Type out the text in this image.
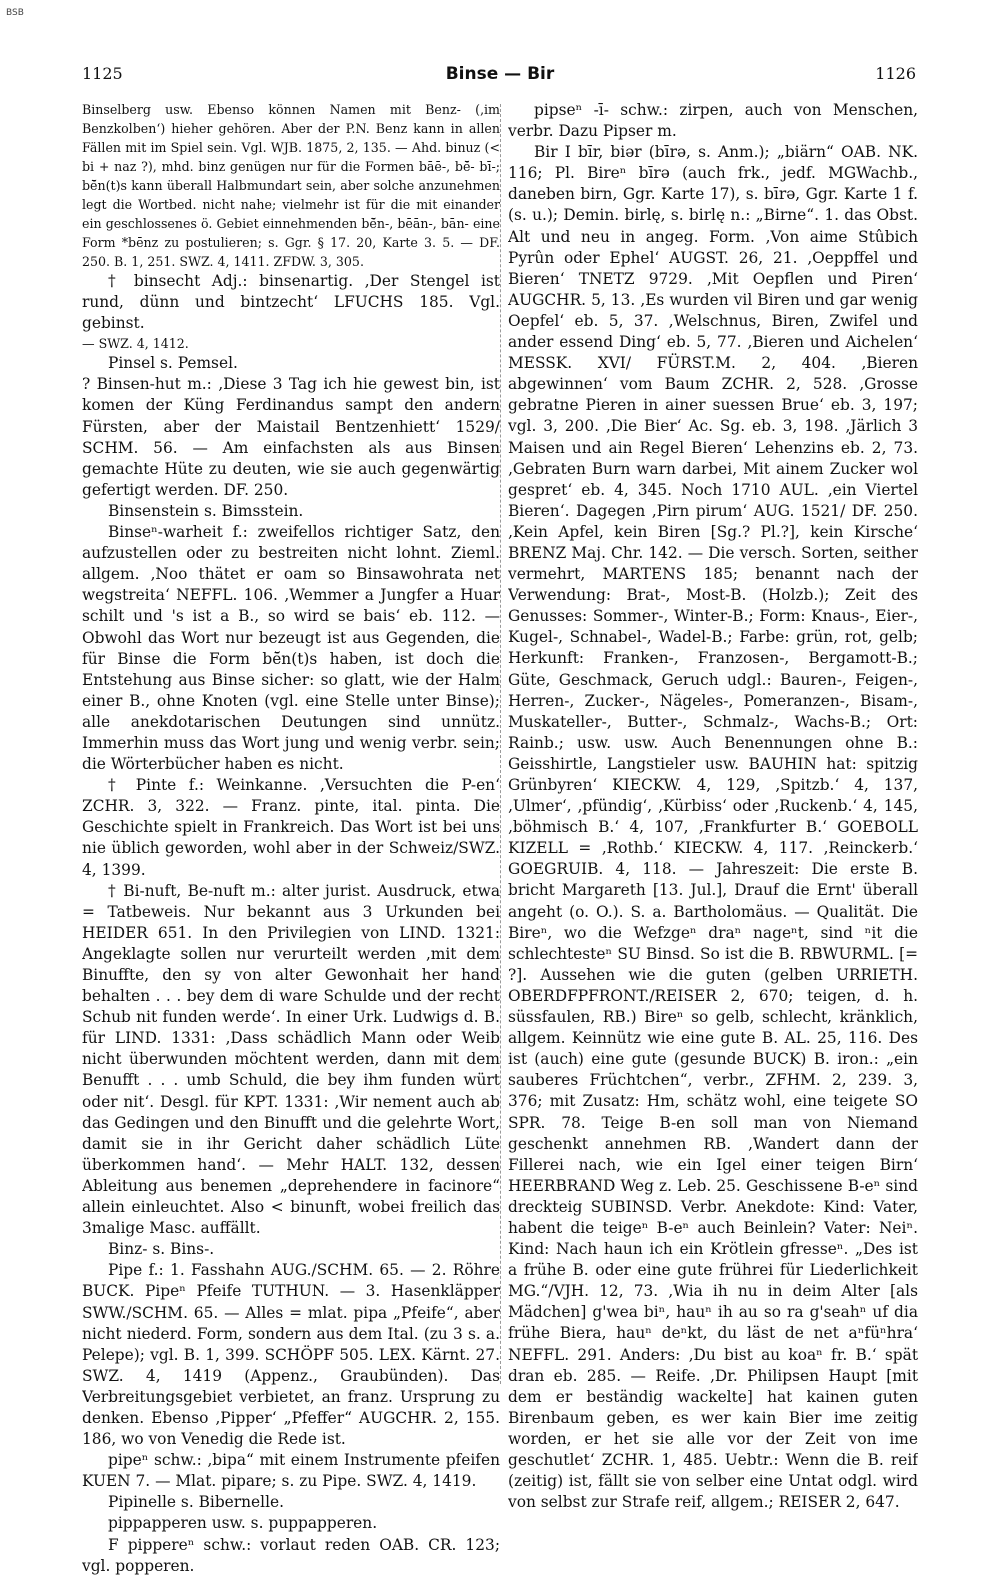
BSB
1125	Binse — Bir	1126

Binselberg usw. Ebenso können Namen mit Benz- (‚im Benzkolben‘) hieher gehören. Aber der P.N. Benz kann in allen Fällen mit im Spiel sein. Vgl. WJB. 1875, 2, 135. — Ahd. binuz (< bi + naz ?), mhd. binz genügen nur für die Formen bāē-, bē̆- bī-; bē̆n(t)s kann überall Halbmundart sein, aber solche anzunehmen legt die Wortbed. nicht nahe; vielmehr ist für die mit einander ein geschlossenes ö. Gebiet einnehmenden bē̆n-, bēān-, bān- eine Form *bēnz zu postulieren; s. Ggr. § 17. 20, Karte 3. 5. — DF. 250. B. 1, 251. SWZ. 4, 1411. ZFDW. 3, 305.

† binsecht Adj.: binsenartig. ‚Der Stengel ist rund, dünn und bintzecht‘ LFUCHS 185. Vgl. gebinst.

— SWZ. 4, 1412.

Pinsel s. Pemsel.

? Binsen-hut m.: ‚Diese 3 Tag ich hie gewest bin, ist komen der Küng Ferdinandus sampt den andern Fürsten, aber der Maistail Bentzenhiett‘ 1529/ SCHM. 56. — Am einfachsten als aus Binsen gemachte Hüte zu deuten, wie sie auch gegenwärtig gefertigt werden. DF. 250.

Binsenstein s. Bimsstein.

Binseⁿ-warheit f.: zweifellos richtiger Satz, den aufzustellen oder zu bestreiten nicht lohnt. Zieml. allgem. ‚Noo thätet er oam so Binsawohrata net wegstreita‘ NEFFL. 106. ‚Wemmer a Jungfer a Huar schilt und 's ist a B., so wird se bais‘ eb. 112. — Obwohl das Wort nur bezeugt ist aus Gegenden, die für Binse die Form bē̆n(t)s haben, ist doch die Entstehung aus Binse sicher: so glatt, wie der Halm einer B., ohne Knoten (vgl. eine Stelle unter Binse); alle anekdotarischen Deutungen sind unnütz. Immerhin muss das Wort jung und wenig verbr. sein; die Wörterbücher haben es nicht.

† Pinte f.: Weinkanne. ‚Versuchten die P-en‘ ZCHR. 3, 322. — Franz. pinte, ital. pinta. Die Geschichte spielt in Frankreich. Das Wort ist bei uns nie üblich geworden, wohl aber in der Schweiz/SWZ. 4, 1399.

† Bi-nuft, Be-nuft m.: alter jurist. Ausdruck, etwa = Tatbeweis. Nur bekannt aus 3 Urkunden bei HEIDER 651. In den Privilegien von LIND. 1321: Angeklagte sollen nur verurteilt werden ‚mit dem Binuffte, den sy von alter Gewonhait her hand behalten . . . bey dem di ware Schulde und der recht Schub nit funden werde‘. In einer Urk. Ludwigs d. B. für LIND. 1331: ‚Dass schädlich Mann oder Weib nicht überwunden möchtent werden, dann mit dem Benufft . . . umb Schuld, die bey ihm funden würt oder nit‘. Desgl. für KPT. 1331: ‚Wir nement auch ab das Gedingen und den Binufft und die gelehrte Wort, damit sie in ihr Gericht daher schädlich Lüte überkommen hand‘. — Mehr HALT. 132, dessen Ableitung aus benemen „deprehendere in facinore“ allein einleuchtet. Also < binunft, wobei freilich das 3malige Masc. auffällt.

Binz- s. Bins-.

Pipe f.: 1. Fasshahn AUG./SCHM. 65. — 2. Röhre BUCK. Pipeⁿ Pfeife TUTHUN. — 3. Hasenkläpper SWW./SCHM. 65. — Alles = mlat. pipa „Pfeife“, aber nicht niederd. Form, sondern aus dem Ital. (zu 3 s. a. Pelepe); vgl. B. 1, 399. SCHÖPF 505. LEX. Kärnt. 27. SWZ. 4, 1419 (Appenz., Graubünden). Das Verbreitungsgebiet verbietet, an franz. Ursprung zu denken. Ebenso ‚Pipper‘ „Pfeffer“ AUGCHR. 2, 155. 186, wo von Venedig die Rede ist.

pipeⁿ schw.: ‚bipa“ mit einem Instrumente pfeifen KUEN 7. — Mlat. pipare; s. zu Pipe. SWZ. 4, 1419.

Pipinelle s. Bibernelle.

pippapperen usw. s. puppapperen.

F pippereⁿ schw.: vorlaut reden OAB. CR. 123; vgl. popperen.

pipseⁿ -ī- schw.: zirpen, auch von Menschen, verbr. Dazu Pipser m.

Bir I bīr, biər (bīrə, s. Anm.); „biärn“ OAB. NK. 116; Pl. Bireⁿ bīrə (auch frk., jedf. MGWachb., daneben birn, Ggr. Karte 17), s. bīrə, Ggr. Karte 1 f. (s. u.); Demin. birlę, s. birlę n.: „Birne“. 1. das Obst. Alt und neu in angeg. Form. ‚Von aime Stûbich Pyrûn oder Ephel‘ AUGST. 26, 21. ‚Oeppffel und Bieren‘ TNETZ 9729. ‚Mit Oepflen und Piren‘ AUGCHR. 5, 13. ‚Es wurden vil Biren und gar wenig Oepfel‘ eb. 5, 37. ‚Welschnus, Biren, Zwifel und ander essend Ding‘ eb. 5, 77. ‚Bieren und Aichelen‘ MESSK. XVI/ FÜRST.M. 2, 404. ‚Bieren abgewinnen‘ vom Baum ZCHR. 2, 528. ‚Grosse gebratne Pieren in ainer suessen Brue‘ eb. 3, 197; vgl. 3, 200. ‚Die Bier‘ Ac. Sg. eb. 3, 198. ‚Järlich 3 Maisen und ain Regel Bieren‘ Lehenzins eb. 2, 73. ‚Gebraten Burn warn darbei, Mit ainem Zucker wol gespret‘ eb. 4, 345. Noch 1710 AUL. ‚ein Viertel Bieren‘. Dagegen ‚Pirn pirum‘ AUG. 1521/ DF. 250. ‚Kein Apfel, kein Biren [Sg.? Pl.?], kein Kirsche‘ BRENZ Maj. Chr. 142. — Die versch. Sorten, seither vermehrt, MARTENS 185; benannt nach der Verwendung: Brat-, Most-B. (Holzb.); Zeit des Genusses: Sommer-, Winter-B.; Form: Knaus-, Eier-, Kugel-, Schnabel-, Wadel-B.; Farbe: grün, rot, gelb; Herkunft: Franken-, Franzosen-, Bergamott-B.; Güte, Geschmack, Geruch udgl.: Bauren-, Feigen-, Herren-, Zucker-, Nägeles-, Pomeranzen-, Bisam-, Muskateller-, Butter-, Schmalz-, Wachs-B.; Ort: Rainb.; usw. usw. Auch Benennungen ohne B.: Geisshirtle, Langstieler usw. BAUHIN hat: spitzig Grünbyren‘ KIECKW. 4, 129, ‚Spitzb.‘ 4, 137, ‚Ulmer‘, ‚pfündig‘, ‚Kürbiss‘ oder ‚Ruckenb.‘ 4, 145, ‚böhmisch B.‘ 4, 107, ‚Frankfurter B.‘ GOEBOLL KIZELL = ‚Rothb.‘ KIECKW. 4, 117. ‚Reinckerb.‘ GOEGRUIB. 4, 118. — Jahreszeit: Die erste B. bricht Margareth [13. Jul.], Drauf die Ernt' überall angeht (o. O.). S. a. Bartholomäus. — Qualität. Die Bireⁿ, wo die Wefzgeⁿ draⁿ nageⁿt, sind ⁿit die schlechtesteⁿ SU Binsd. So ist die B. RBWURML. [= ?]. Aussehen wie die guten (gelben URRIETH. OBERDFPFRONT./REISER 2, 670; teigen, d. h. süssfaulen, RB.) Bireⁿ so gelb, schlecht, kränklich, allgem. Keinnütz wie eine gute B. AL. 25, 116. Des ist (auch) eine gute (gesunde BUCK) B. iron.: „ein sauberes Früchtchen“, verbr., ZFHM. 2, 239. 3, 376; mit Zusatz: Hm, schätz wohl, eine teigete SO SPR. 78. Teige B-en soll man von Niemand geschenkt annehmen RB. ‚Wandert dann der Fillerei nach, wie ein Igel einer teigen Birn‘ HEERBRAND Weg z. Leb. 25. Geschissene B-eⁿ sind dreckteig SUBINSD. Verbr. Anekdote: Kind: Vater, habent die teigeⁿ B-eⁿ auch Beinlein? Vater: Neiⁿ. Kind: Nach haun ich ein Krötlein gfresseⁿ. „Des ist a frühe B. oder eine gute frührei für Liederlichkeit MG.“/VJH. 12, 73. ‚Wia ih nu in deim Alter [als Mädchen] g'wea biⁿ, hauⁿ ih au so ra g'seahⁿ uf dia frühe Biera, hauⁿ deⁿkt, du läst de net aⁿfüⁿhra‘ NEFFL. 291. Anders: ‚Du bist au koaⁿ fr. B.‘ spät dran eb. 285. — Reife. ‚Dr. Philipsen Haupt [mit dem er beständig wackelte] hat kainen guten Birenbaum geben, es wer kain Bier ime zeitig worden, er het sie alle vor der Zeit von ime geschutlet‘ ZCHR. 1, 485. Uebtr.: Wenn die B. reif (zeitig) ist, fällt sie von selber eine Untat odgl. wird von selbst zur Strafe reif, allgem.; REISER 2, 647.
